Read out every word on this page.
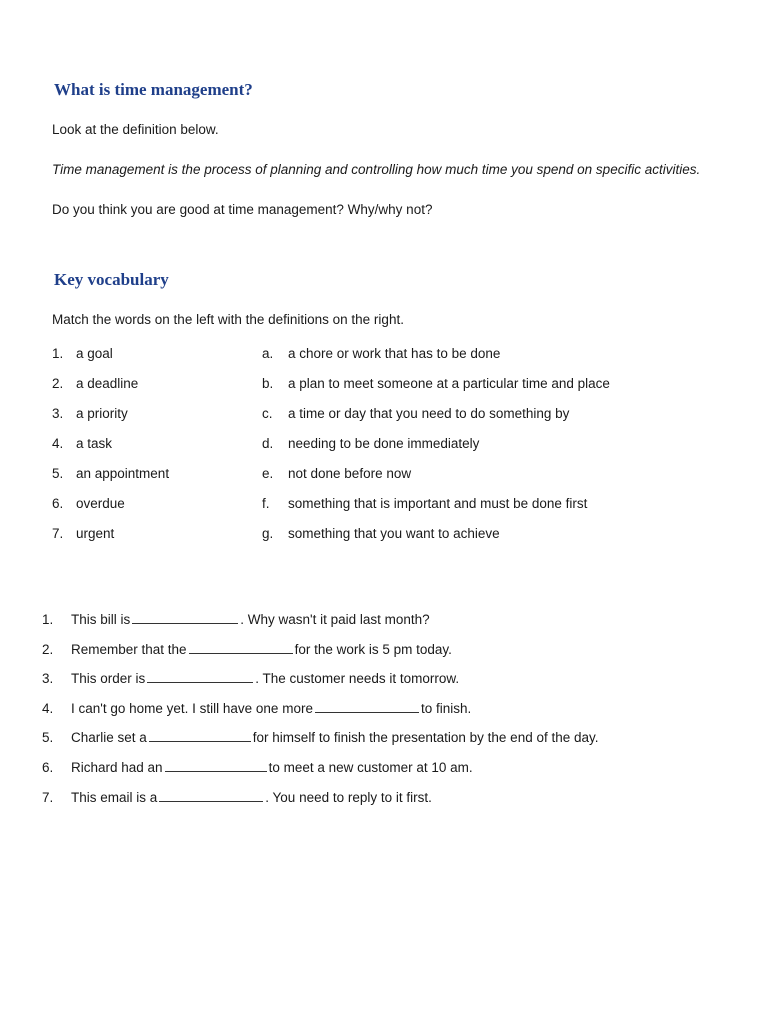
What is time management?

Look at the definition below.

Time management is the process of planning and controlling how much time you spend on specific activities.

Do you think you are good at time management? Why/why not?

Key vocabulary

Match the words on the left with the definitions on the right.

1. a goal	a. a chore or work that has to be done
2. a deadline	b. a plan to meet someone at a particular time and place
3. a priority	c. a time or day that you need to do something by
4. a task	d. needing to be done immediately
5. an appointment	e. not done before now
6. overdue	f. something that is important and must be done first
7. urgent	g. something that you want to achieve
1. This bill is	. Why wasn't it paid last month?
2. Remember that the	for the work is 5 pm today.
3. This order is	. The customer needs it tomorrow.
4. I can't go home yet. I still have one more	to finish.
5. Charlie set a	for himself to finish the presentation by the end of the day.
6. Richard had an	to meet a new customer at 10 am.
7. This email is a	. You need to reply to it first.
